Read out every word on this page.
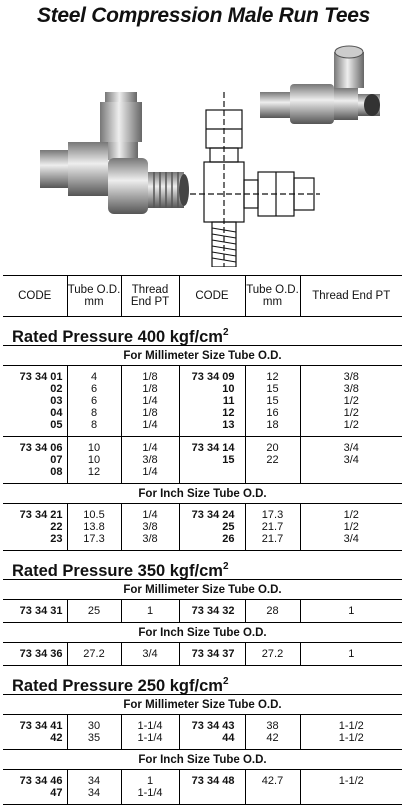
Steel Compression Male Run Tees
CODE	Tube O.D. mm	Thread End PT	CODE	Tube O.D. mm	Thread End PT
Rated Pressure 400 kgf/$cm^2$
For Millimeter Size Tube O.D.					
73 34 01	4	1/8	73 34 09	12	3/8
02	6	1/8	10	15	3/8
03	6	1/4	11	15	1/2
04	8	1/8	12	16	1/2
05	8	1/4	13	18	1/2
73 34 06	10	1/4	73 34 14	20	3/4
07	10	3/8	15	22	3/4
08	12	1/4			
For Inch Size Tube O.D.					
73 34 21	10.5	1/4	73 34 24	17.3	1/2
22	13.8	3/8	25	21.7	1/2
23	17.3	3/8	26	21.7	3/4
Rated Pressure 350 kgf/$cm^2$
For Millimeter Size Tube O.D.					
73 34 31	25	1	73 34 32	28	1
For Inch Size Tube O.D.					
73 34 36	27.2	3/4	73 34 37	27.2	1
Rated Pressure 250 kgf/$cm^2$
For Millimeter Size Tube O.D.					
73 34 41	30	1-1/4	73 34 43	38	1-1/2
42	35	1-1/4	44	42	1-1/2
For Inch Size Tube O.D.					
73 34 46	34	1	73 34 48	42.7	1-1/2
47	34	1-1/4			
